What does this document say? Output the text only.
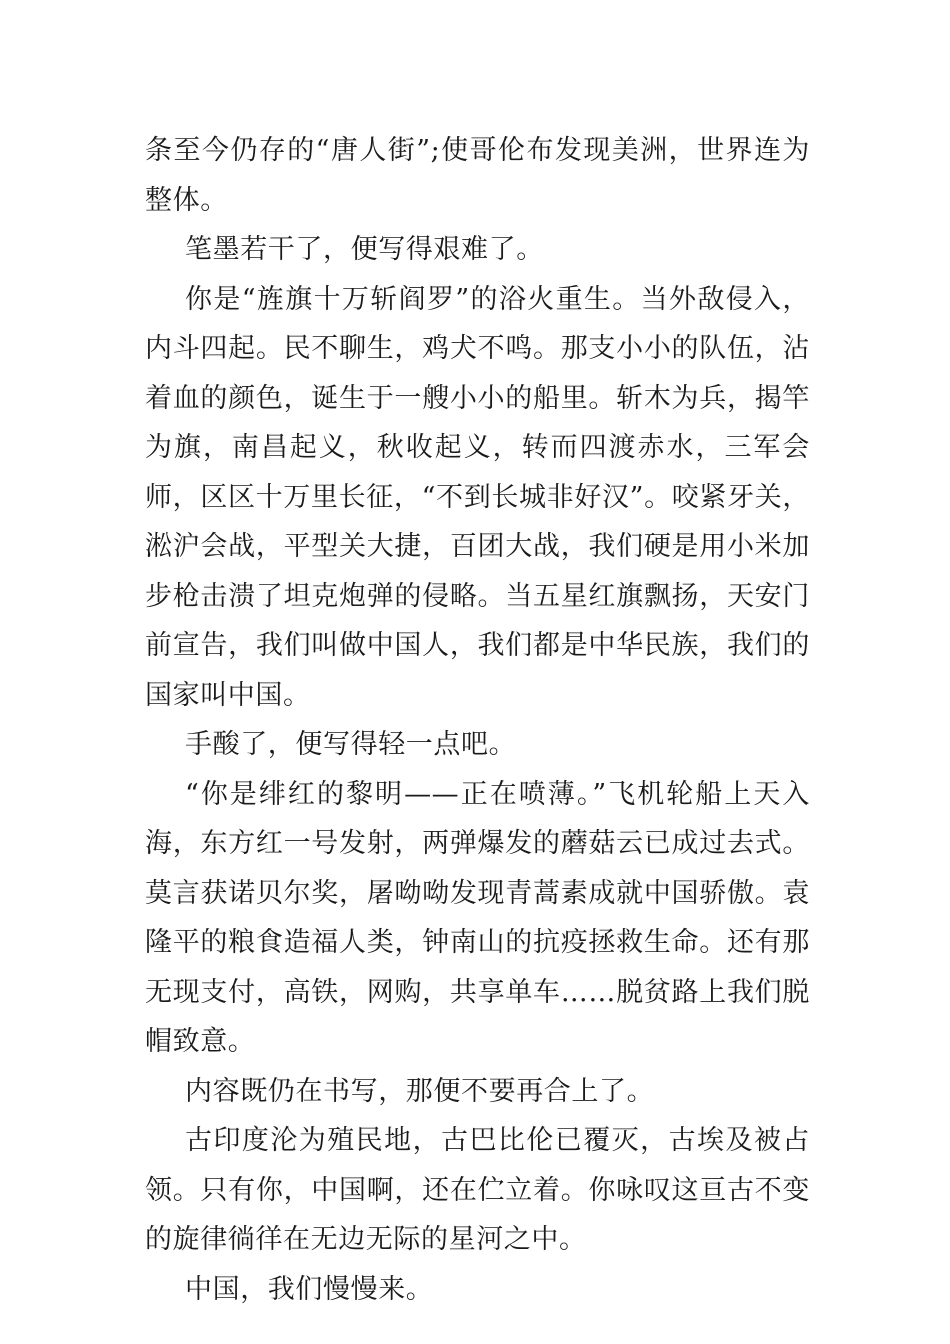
条至今仍存的“唐人街”;使哥伦布发现美洲，世界连为整体。

笔墨若干了，便写得艰难了。

你是“旌旗十万斩阎罗”的浴火重生。当外敌侵入，内斗四起。民不聊生，鸡犬不鸣。那支小小的队伍，沾着血的颜色，诞生于一艘小小的船里。斩木为兵，揭竿为旗，南昌起义，秋收起义，转而四渡赤水，三军会师，区区十万里长征，“不到长城非好汉”。咬紧牙关，淞沪会战，平型关大捷，百团大战，我们硬是用小米加步枪击溃了坦克炮弹的侵略。当五星红旗飘扬，天安门前宣告，我们叫做中国人，我们都是中华民族，我们的国家叫中国。

手酸了，便写得轻一点吧。

“你是绯红的黎明——正在喷薄。”飞机轮船上天入海，东方红一号发射，两弹爆发的蘑菇云已成过去式。莫言获诺贝尔奖，屠呦呦发现青蒿素成就中国骄傲。袁隆平的粮食造福人类，钟南山的抗疫拯救生命。还有那无现支付，高铁，网购，共享单车……脱贫路上我们脱帽致意。

内容既仍在书写，那便不要再合上了。

古印度沦为殖民地，古巴比伦已覆灭，古埃及被占领。只有你，中国啊，还在伫立着。你咏叹这亘古不变的旋律徜徉在无边无际的星河之中。

中国，我们慢慢来。
